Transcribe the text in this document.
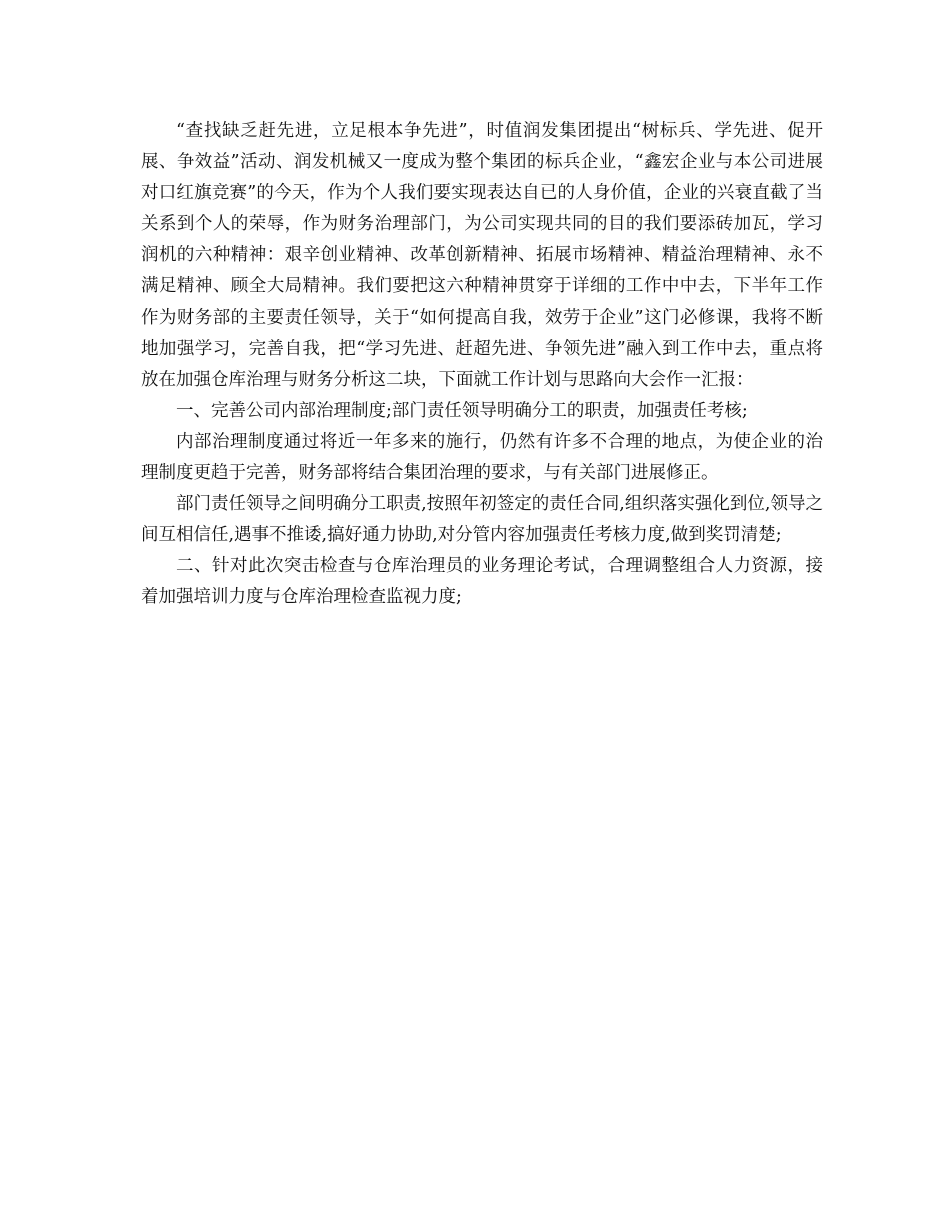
“查找缺乏赶先进，立足根本争先进”，时值润发集团提出“树标兵、学先进、促开展、争效益”活动、润发机械又一度成为整个集团的标兵企业，“鑫宏企业与本公司进展对口红旗竞赛”的今天，作为个人我们要实现表达自已的人身价值，企业的兴衰直截了当关系到个人的荣辱，作为财务治理部门，为公司实现共同的目的我们要添砖加瓦，学习润机的六种精神：艰辛创业精神、改革创新精神、拓展市场精神、精益治理精神、永不满足精神、顾全大局精神。我们要把这六种精神贯穿于详细的工作中中去，下半年工作作为财务部的主要责任领导，关于“如何提高自我，效劳于企业”这门必修课，我将不断地加强学习，完善自我，把“学习先进、赶超先进、争领先进”融入到工作中去，重点将放在加强仓库治理与财务分析这二块，下面就工作计划与思路向大会作一汇报：

一、完善公司内部治理制度;部门责任领导明确分工的职责，加强责任考核;

内部治理制度通过将近一年多来的施行，仍然有许多不合理的地点，为使企业的治理制度更趋于完善，财务部将结合集团治理的要求，与有关部门进展修正。

部门责任领导之间明确分工职责,按照年初签定的责任合同,组织落实强化到位,领导之间互相信任,遇事不推诿,搞好通力协助,对分管内容加强责任考核力度,做到奖罚清楚;

二、针对此次突击检查与仓库治理员的业务理论考试，合理调整组合人力资源，接着加强培训力度与仓库治理检查监视力度;
